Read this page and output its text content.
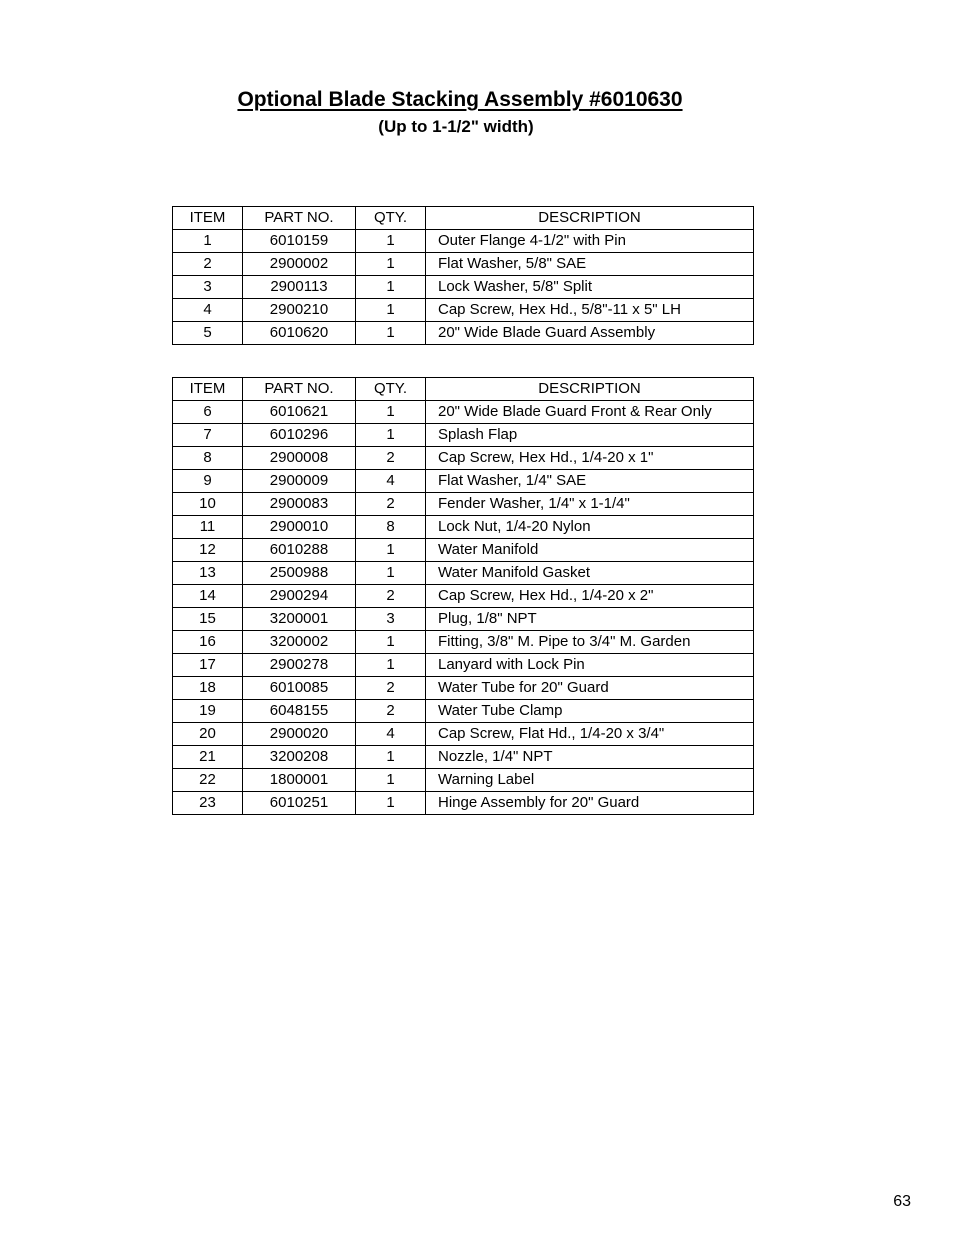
Optional Blade Stacking Assembly #6010630
(Up to 1-1/2" width)
ITEM	PART NO.	QTY.	DESCRIPTION
1	6010159	1	Outer Flange 4-1/2" with Pin
2	2900002	1	Flat Washer, 5/8" SAE
3	2900113	1	Lock Washer, 5/8" Split
4	2900210	1	Cap Screw, Hex Hd., 5/8"-11 x 5" LH
5	6010620	1	20" Wide Blade Guard Assembly
ITEM	PART NO.	QTY.	DESCRIPTION
6	6010621	1	20" Wide Blade Guard Front & Rear Only
7	6010296	1	Splash Flap
8	2900008	2	Cap Screw, Hex Hd., 1/4-20 x 1"
9	2900009	4	Flat Washer, 1/4" SAE
10	2900083	2	Fender Washer, 1/4" x 1-1/4"
11	2900010	8	Lock Nut, 1/4-20 Nylon
12	6010288	1	Water Manifold
13	2500988	1	Water Manifold Gasket
14	2900294	2	Cap Screw, Hex Hd., 1/4-20 x 2"
15	3200001	3	Plug, 1/8" NPT
16	3200002	1	Fitting, 3/8" M. Pipe to 3/4" M. Garden
17	2900278	1	Lanyard with Lock Pin
18	6010085	2	Water Tube for 20" Guard
19	6048155	2	Water Tube Clamp
20	2900020	4	Cap Screw, Flat Hd., 1/4-20 x 3/4"
21	3200208	1	Nozzle, 1/4" NPT
22	1800001	1	Warning Label
23	6010251	1	Hinge Assembly for 20" Guard
63
